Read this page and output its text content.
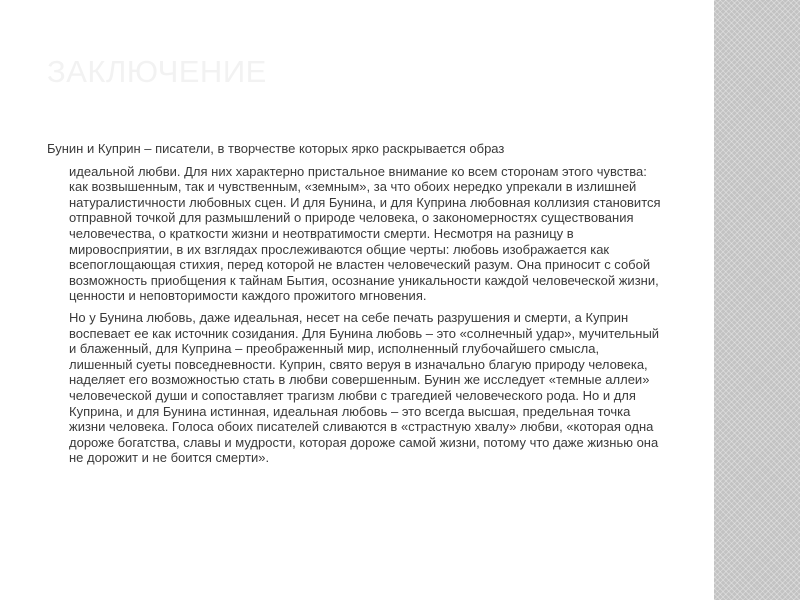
ЗАКЛЮЧЕНИЕ

Бунин и Куприн – писатели, в творчестве которых ярко раскрывается образ

идеальной любви. Для них характерно пристальное внимание ко всем сторонам этого чувства: как возвышенным, так и чувственным, «земным», за что обоих нередко упрекали в излишней натуралистичности любовных сцен. И для Бунина, и для Куприна любовная коллизия становится отправной точкой для размышлений о природе человека, о закономерностях существования человечества, о краткости жизни и неотвратимости смерти. Несмотря на разницу в мировосприятии, в их взглядах прослеживаются общие черты: любовь изображается как всепоглощающая стихия, перед которой не властен человеческий разум. Она приносит с собой возможность приобщения к тайнам Бытия, осознание уникальности каждой человеческой жизни, ценности и неповторимости каждого прожитого мгновения.

Но у Бунина любовь, даже идеальная, несет на себе печать разрушения и смерти, а Куприн воспевает ее как источник созидания. Для Бунина любовь – это «солнечный удар», мучительный и блаженный, для Куприна – преображенный мир, исполненный глубочайшего смысла, лишенный суеты повседневности. Куприн, свято веруя в изначально благую природу человека, наделяет его возможностью стать в любви совершенным. Бунин же исследует «темные аллеи» человеческой души и сопоставляет трагизм любви с трагедией человеческого рода. Но и для Куприна, и для Бунина истинная, идеальная любовь – это всегда высшая, предельная точка жизни человека. Голоса обоих писателей сливаются в «страстную хвалу» любви, «которая одна дороже богатства, славы и мудрости, которая дороже самой жизни, потому что даже жизнью она не дорожит и не боится смерти».
